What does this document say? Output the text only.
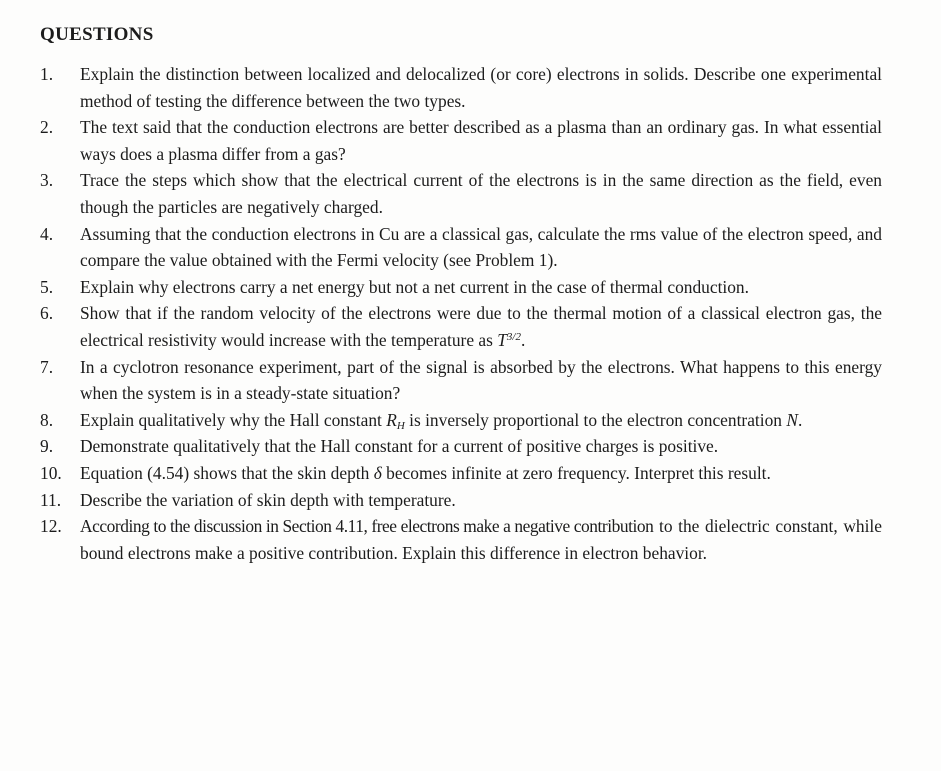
QUESTIONS
1.	Explain the distinction between localized and delocalized (or core) electrons in solids. Describe one experimental method of testing the difference between the two types.
2.	The text said that the conduction electrons are better described as a plasma than an ordinary gas. In what essential ways does a plasma differ from a gas?
3.	Trace the steps which show that the electrical current of the electrons is in the same direction as the field, even though the particles are negatively charged.
4.	Assuming that the conduction electrons in Cu are a classical gas, calculate the rms value of the electron speed, and compare the value obtained with the Fermi velocity (see Problem 1).
5.	Explain why electrons carry a net energy but not a net current in the case of thermal conduction.
6.	Show that if the random velocity of the electrons were due to the thermal motion of a classical electron gas, the electrical resistivity would increase with the temperature as $T^{3/2}$.
7.	In a cyclotron resonance experiment, part of the signal is absorbed by the electrons. What happens to this energy when the system is in a steady-state situation?
8.	Explain qualitatively why the Hall constant $R_H$ is inversely proportional to the electron concentration N.
9.	Demonstrate qualitatively that the Hall constant for a current of positive charges is positive.
10.	Equation (4.54) shows that the skin depth δ becomes infinite at zero frequency. Interpret this result.
11.	Describe the variation of skin depth with temperature.
12.	According to the discussion in Section 4.11, free electrons make a negative contribution to the dielectric constant, while bound electrons make a positive contribution. Explain this difference in electron behavior.
